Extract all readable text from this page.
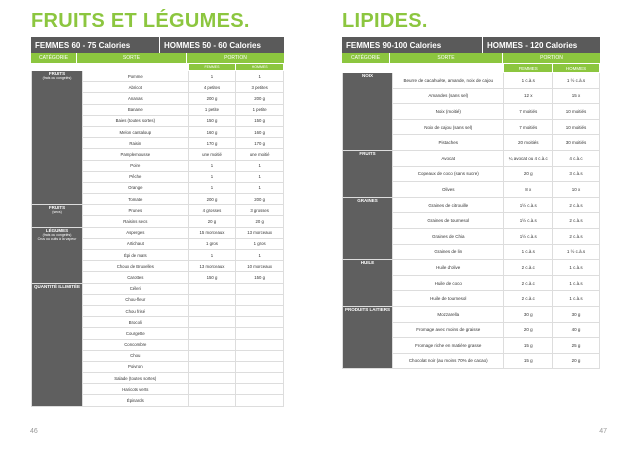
FRUITS ET LÉGUMES.
FEMMES 60 - 75 Calories	HOMMES 50 - 60 Calories
CATÉGORIE	SORTE	PORTION
		FEMMES	HOMMES
FRUITS
(frais ou congelés)	Pomme	1	1
	Abricot	4 petites	3 petites
	Ananas	200 g	200 g
	Banane	1 petite	1 petite
	Baies (toutes sortes)	150 g	150 g
	Melon cantaloup	160 g	160 g
	Raisin	170 g	170 g
	Pamplemousse	une moitié	une moitié
	Poire	1	1
	Pêche	1	1
	Orange	1	1
	Tomate	200 g	200 g
FRUITS
(secs)	Prunes	4 grosses	3 grosses
	Raisins secs	20 g	20 g
LÉGUMES
(frais ou congelés)
Crus ou cuits à la vapeur	Asperges	15 morceaux	13 morceaux
	Artichaut	1 gros	1 gros
	Épi de maïs	1	1
	Choux de Bruxelles	13 morceaux	10 morceaux
	Carottes	150 g	150 g
QUANTITÉ ILLIMITÉE	Céleri		
	Chou-fleur		
	Chou frisé		
	Brocoli		
	Courgette		
	Concombre		
	Chou		
	Poivron		
	Salade (toutes sortes)		
	Haricots verts		
	Épinards		
46
LIPIDES.
FEMMES 90-100 Calories	HOMMES - 120 Calories
CATÉGORIE	SORTE	PORTION
		FEMMES	HOMMES
NOIX	Beurre de cacahuète, amande, noix de cajou	1 c.à.s	1 ½ c.à.s
	Amandes (sans sel)	12 x	15 x
	Noix (moitié)	7 moitiés	10 moitiés
	Noix de cajou (sans sel)	7 moitiés	10 moitiés
	Pistaches	20 moitiés	30 moitiés
FRUITS	Avocat	¼ avocat ou 4 c.à.c	4 c.à.c
	Copeaux de coco (sans sucre)	20 g	3 c.à.s
	Olives	8 x	10 x
GRAINES	Graines de citrouille	1½ c.à.s	2 c.à.s
	Graines de tournesol	1½ c.à.s	2 c.à.s
	Graines de Chia	1½ c.à.s	2 c.à.s
	Graines de lin	1 c.à.s	1 ½ c.à.s
HUILE	Huile d'olive	2 c.à.c	1 c.à.s
	Huile de coco	2 c.à.c	1 c.à.s
	Huile de tournesol	2 c.à.c	1 c.à.s
PRODUITS LAITIERS	Mozzarella	30 g	30 g
	Fromage avec moins de graisse	20 g	40 g
	Fromage riche en matière grasse	15 g	25 g
	Chocolat noir (au moins 70% de cacao)	15 g	20 g
47
